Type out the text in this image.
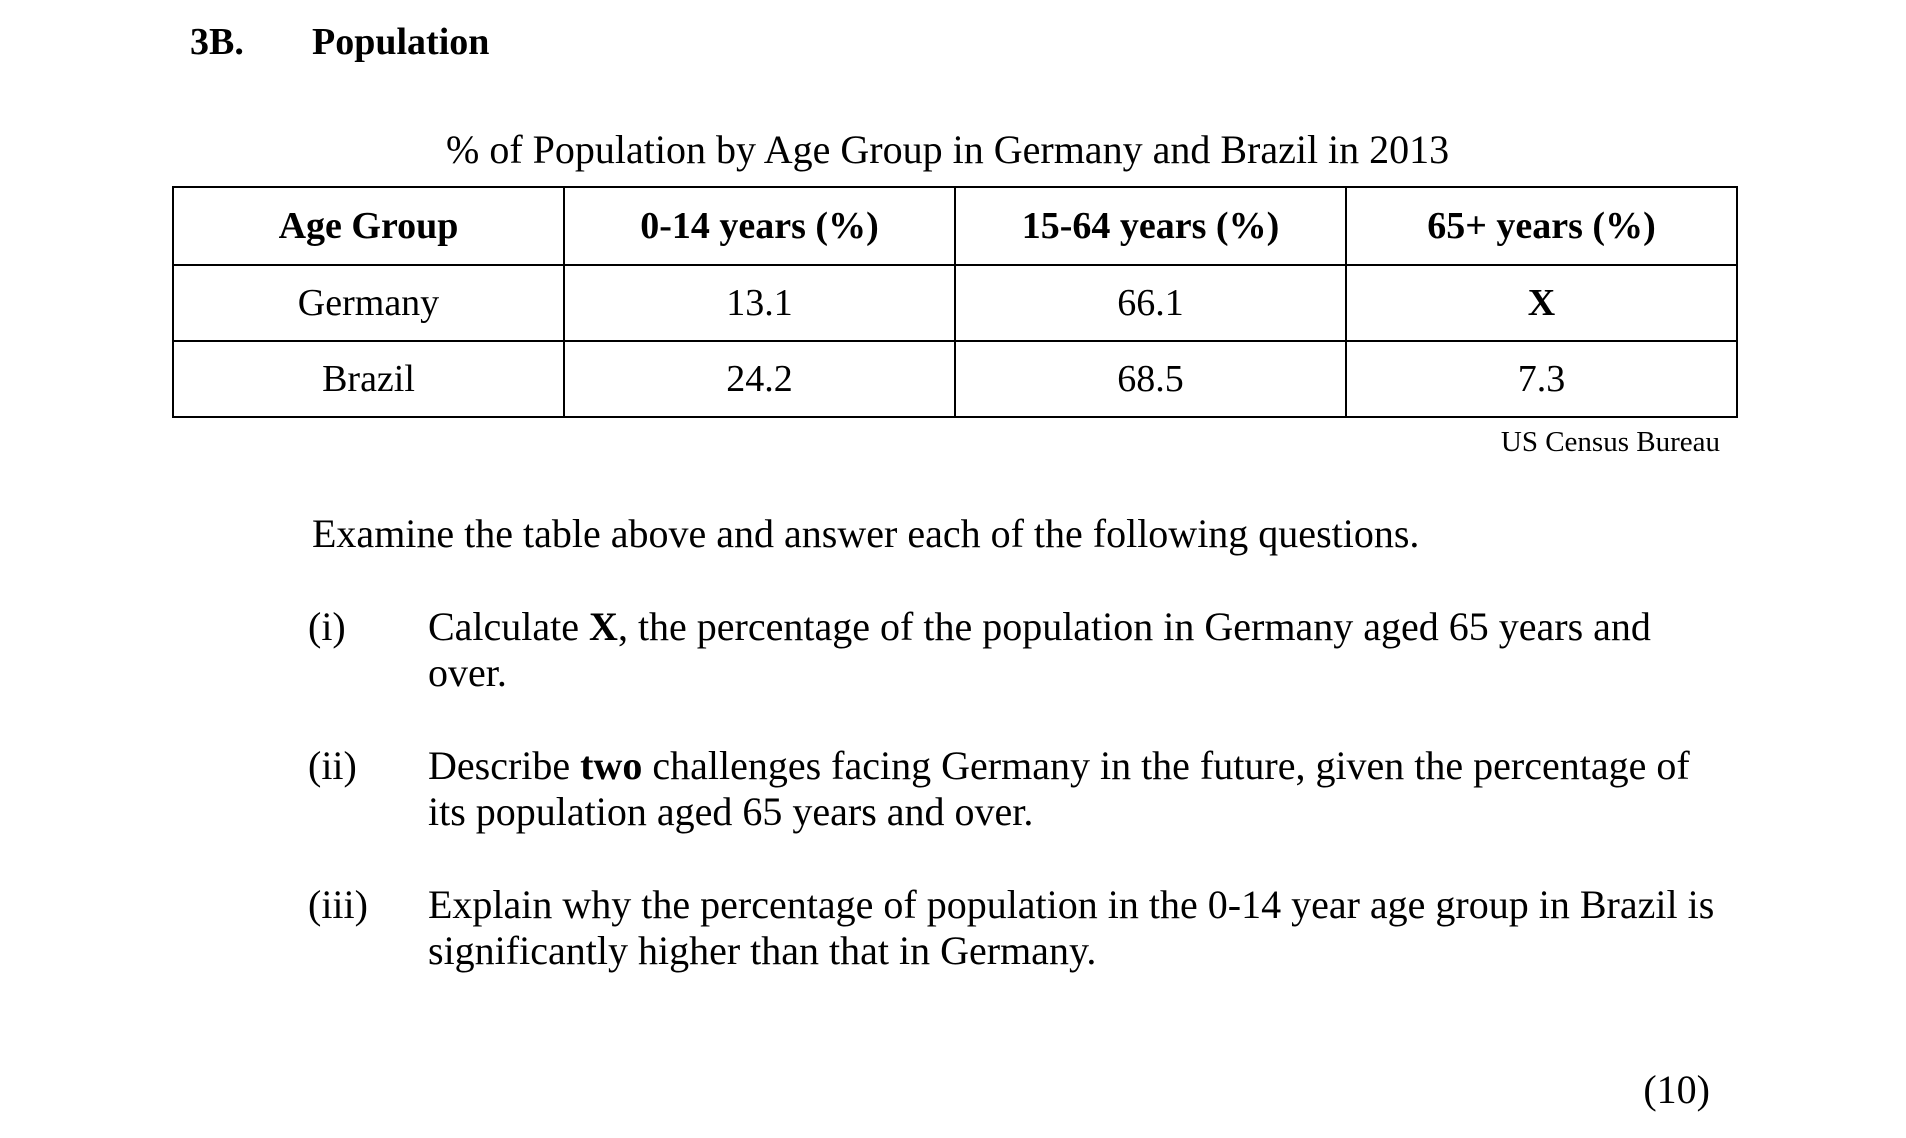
3B. Population
% of Population by Age Group in Germany and Brazil in 2013
Age Group	0-14 years (%)	15-64 years (%)	65+ years (%)
Germany	13.1	66.1	X
Brazil	24.2	68.5	7.3
US Census Bureau
Examine the table above and answer each of the following questions.
(i) Calculate X, the percentage of the population in Germany aged 65 years and over.
(ii) Describe two challenges facing Germany in the future, given the percentage of its population aged 65 years and over.
(iii) Explain why the percentage of population in the 0-14 year age group in Brazil is significantly higher than that in Germany.
(10)
